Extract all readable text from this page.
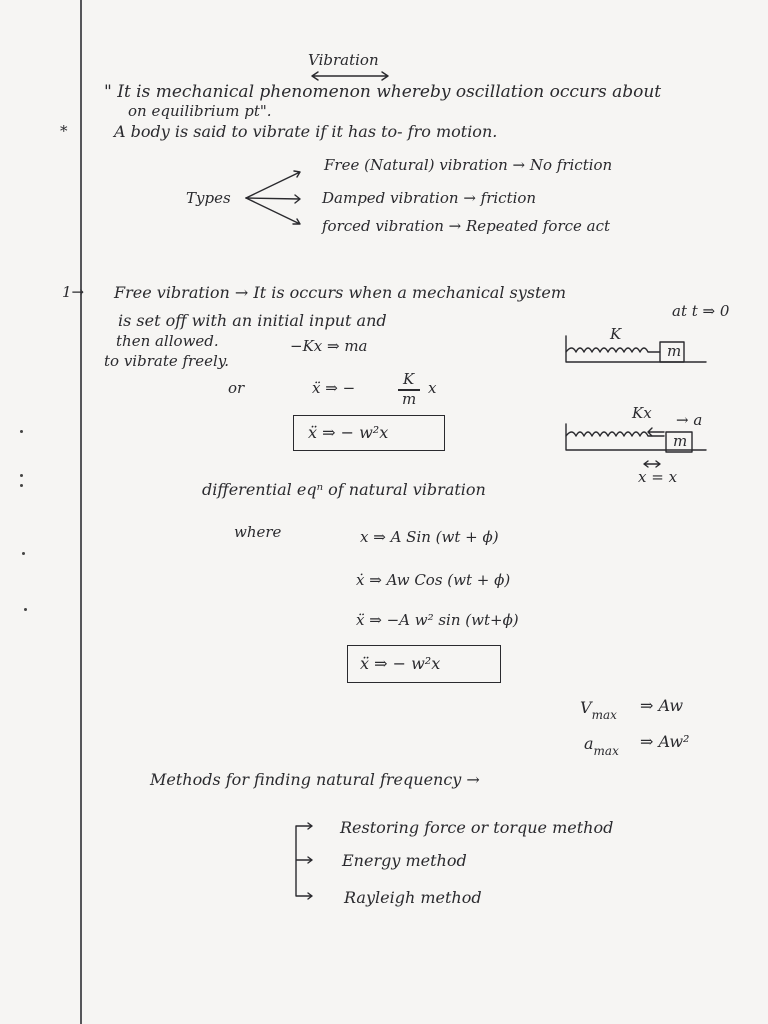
Vibration
" It is mechanical phenomenon whereby oscillation occurs about
on equilibrium pt".
*	A body is said to vibrate if it has to- fro motion.
Types
Free (Natural) vibration → No friction
Damped vibration → friction
forced vibration → Repeated force act
1→ Free vibration → It is occurs when a mechanical system
is set off with an initial input and	at t ⇒ 0
then allowed.
to vibrate freely.
−Kx ⇒ ma
K
m
or	ẍ ⇒ −	K
m
x
ẍ ⇒ − w²x
Kx → a
m
x = x
differential eqⁿ of natural vibration
where	x ⇒ A Sin (wt + ϕ)
ẋ ⇒ Aw Cos (wt + ϕ)
ẍ ⇒ −A w² sin (wt+ϕ)
ẍ ⇒ − w²x
$V_{max}$ ⇒ Aw
$a_{max}$ ⇒ Aw²
Methods for finding natural frequency →
Restoring force or torque method
Energy method
Rayleigh method
